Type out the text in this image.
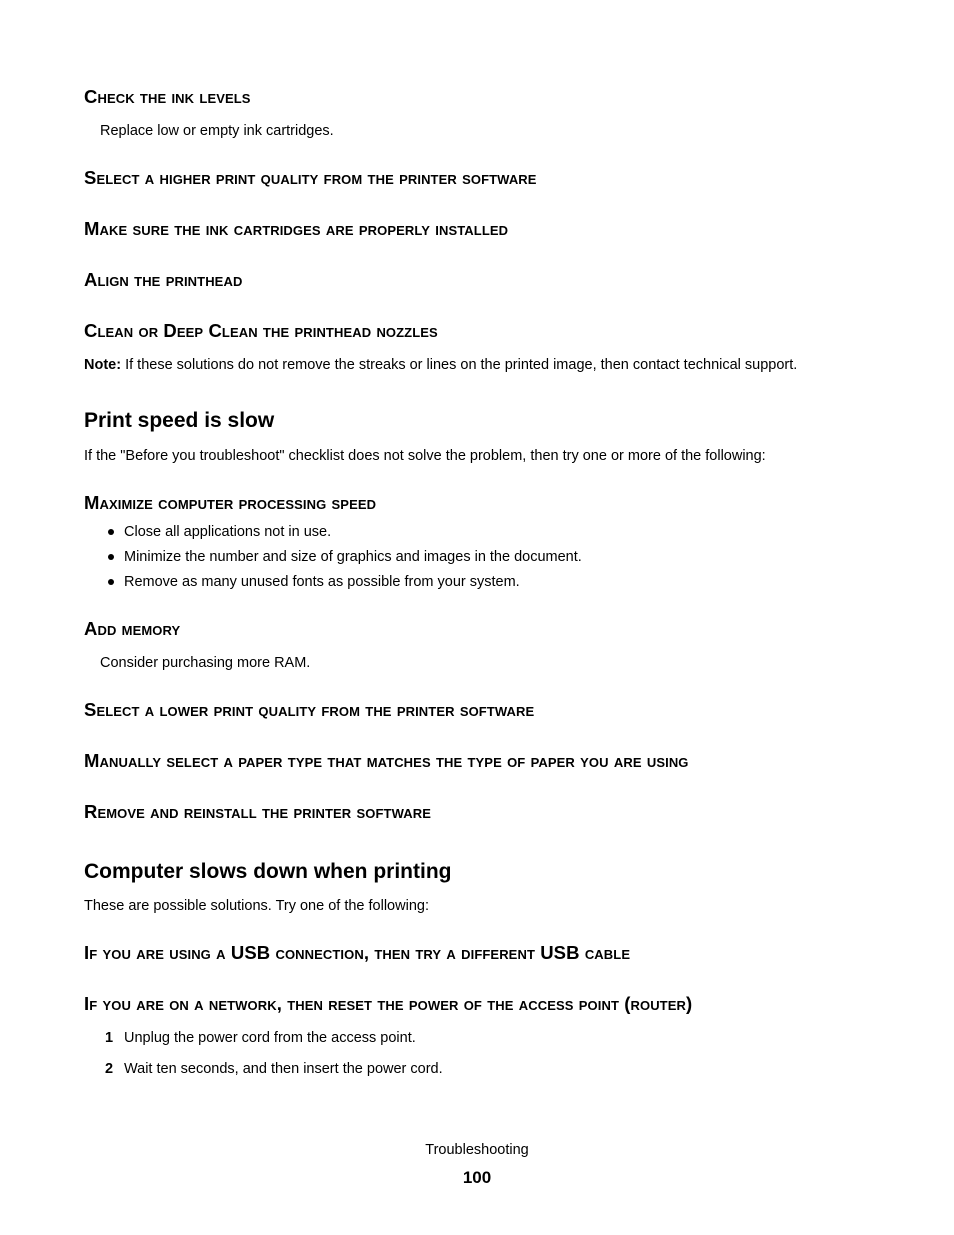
Check the ink levels
Replace low or empty ink cartridges.
Select a higher print quality from the printer software
Make sure the ink cartridges are properly installed
Align the printhead
Clean or Deep Clean the printhead nozzles
Note: If these solutions do not remove the streaks or lines on the printed image, then contact technical support.
Print speed is slow
If the "Before you troubleshoot" checklist does not solve the problem, then try one or more of the following:
Maximize computer processing speed
Close all applications not in use.
Minimize the number and size of graphics and images in the document.
Remove as many unused fonts as possible from your system.
Add memory
Consider purchasing more RAM.
Select a lower print quality from the printer software
Manually select a paper type that matches the type of paper you are using
Remove and reinstall the printer software
Computer slows down when printing
These are possible solutions. Try one of the following:
If you are using a USB connection, then try a different USB cable
If you are on a network, then reset the power of the access point (router)
1 Unplug the power cord from the access point.
2 Wait ten seconds, and then insert the power cord.
Troubleshooting
100
